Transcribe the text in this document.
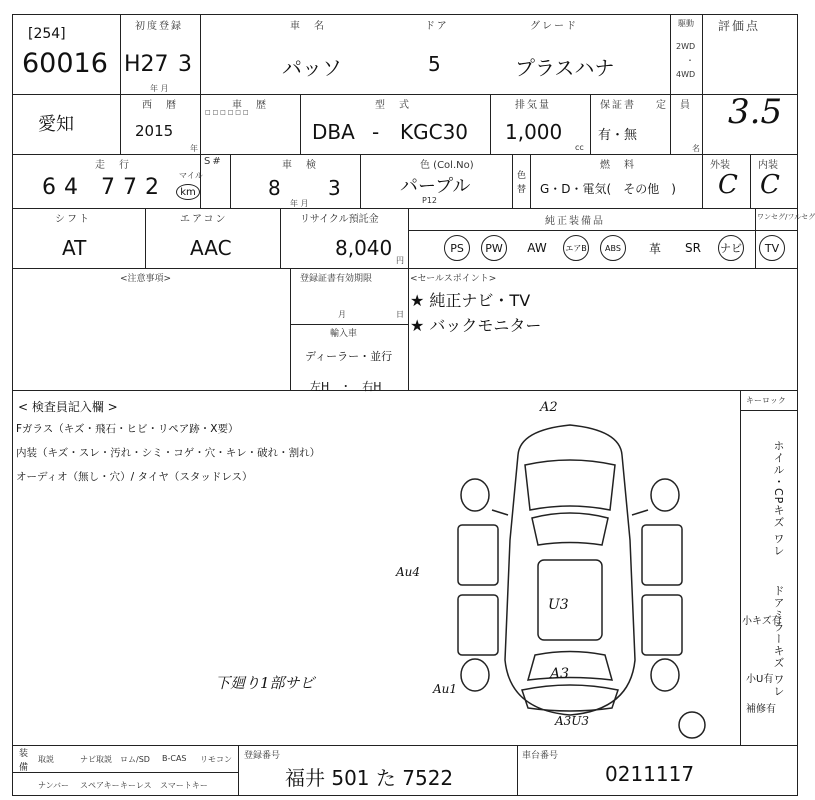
[254]
60016
初度登録
H27 3
年 月
車　名
パッソ
ドア
5
グレード
プラスハナ
駆動
2WD
・
4WD
評価点
3.5
愛知
西　暦
2015
年
車　歴
□ □ □ □ □ □
型　式
DBA - KGC30
排気量
1,000
cc
保証書
有・無
定　員
名
走　行
64 772 マイル
km
S#	車　検
8 3
年 月
色 (Col.No)
パープル
P12
色 替
燃　料
G・D・電気(　その他　)
外装
C
内装
C
シフト
AT
エアコン
AAC
リサイクル預託金
8,040
円
純正装備品	ワンセグ/フルセグ
PS	PW	AW	エアB	ABS	革	SR	ナビ	TV
<注意事項>	登録証書有効期限
月	日
輸入車
ディーラー・並行
左H　・　右H
<セールスポイント>
★ 純正ナビ・TV
★ バックモニター
< 検査員記入欄 >
Fガラス（キズ・飛石・ヒビ・リペア跡・X要）
内装（キズ・スレ・汚れ・シミ・コゲ・穴・キレ・破れ・割れ）
オーディオ（無し・穴）/ タイヤ（スタッドレス）
キーロック
ホイル・CPキズ ワレ
ドアミラーキズ ワレ
小キズ有
小U有
補修有
下廻り1部サビ
A2
Au4
U3
A3
Au1
A3U3
装 備 取説	ナビ取説 ロム/SD B-CAS リモコン
ナンバー スペアキー キーレス スマートキー
登録番号
福井 501 た 7522
車台番号
0211117
